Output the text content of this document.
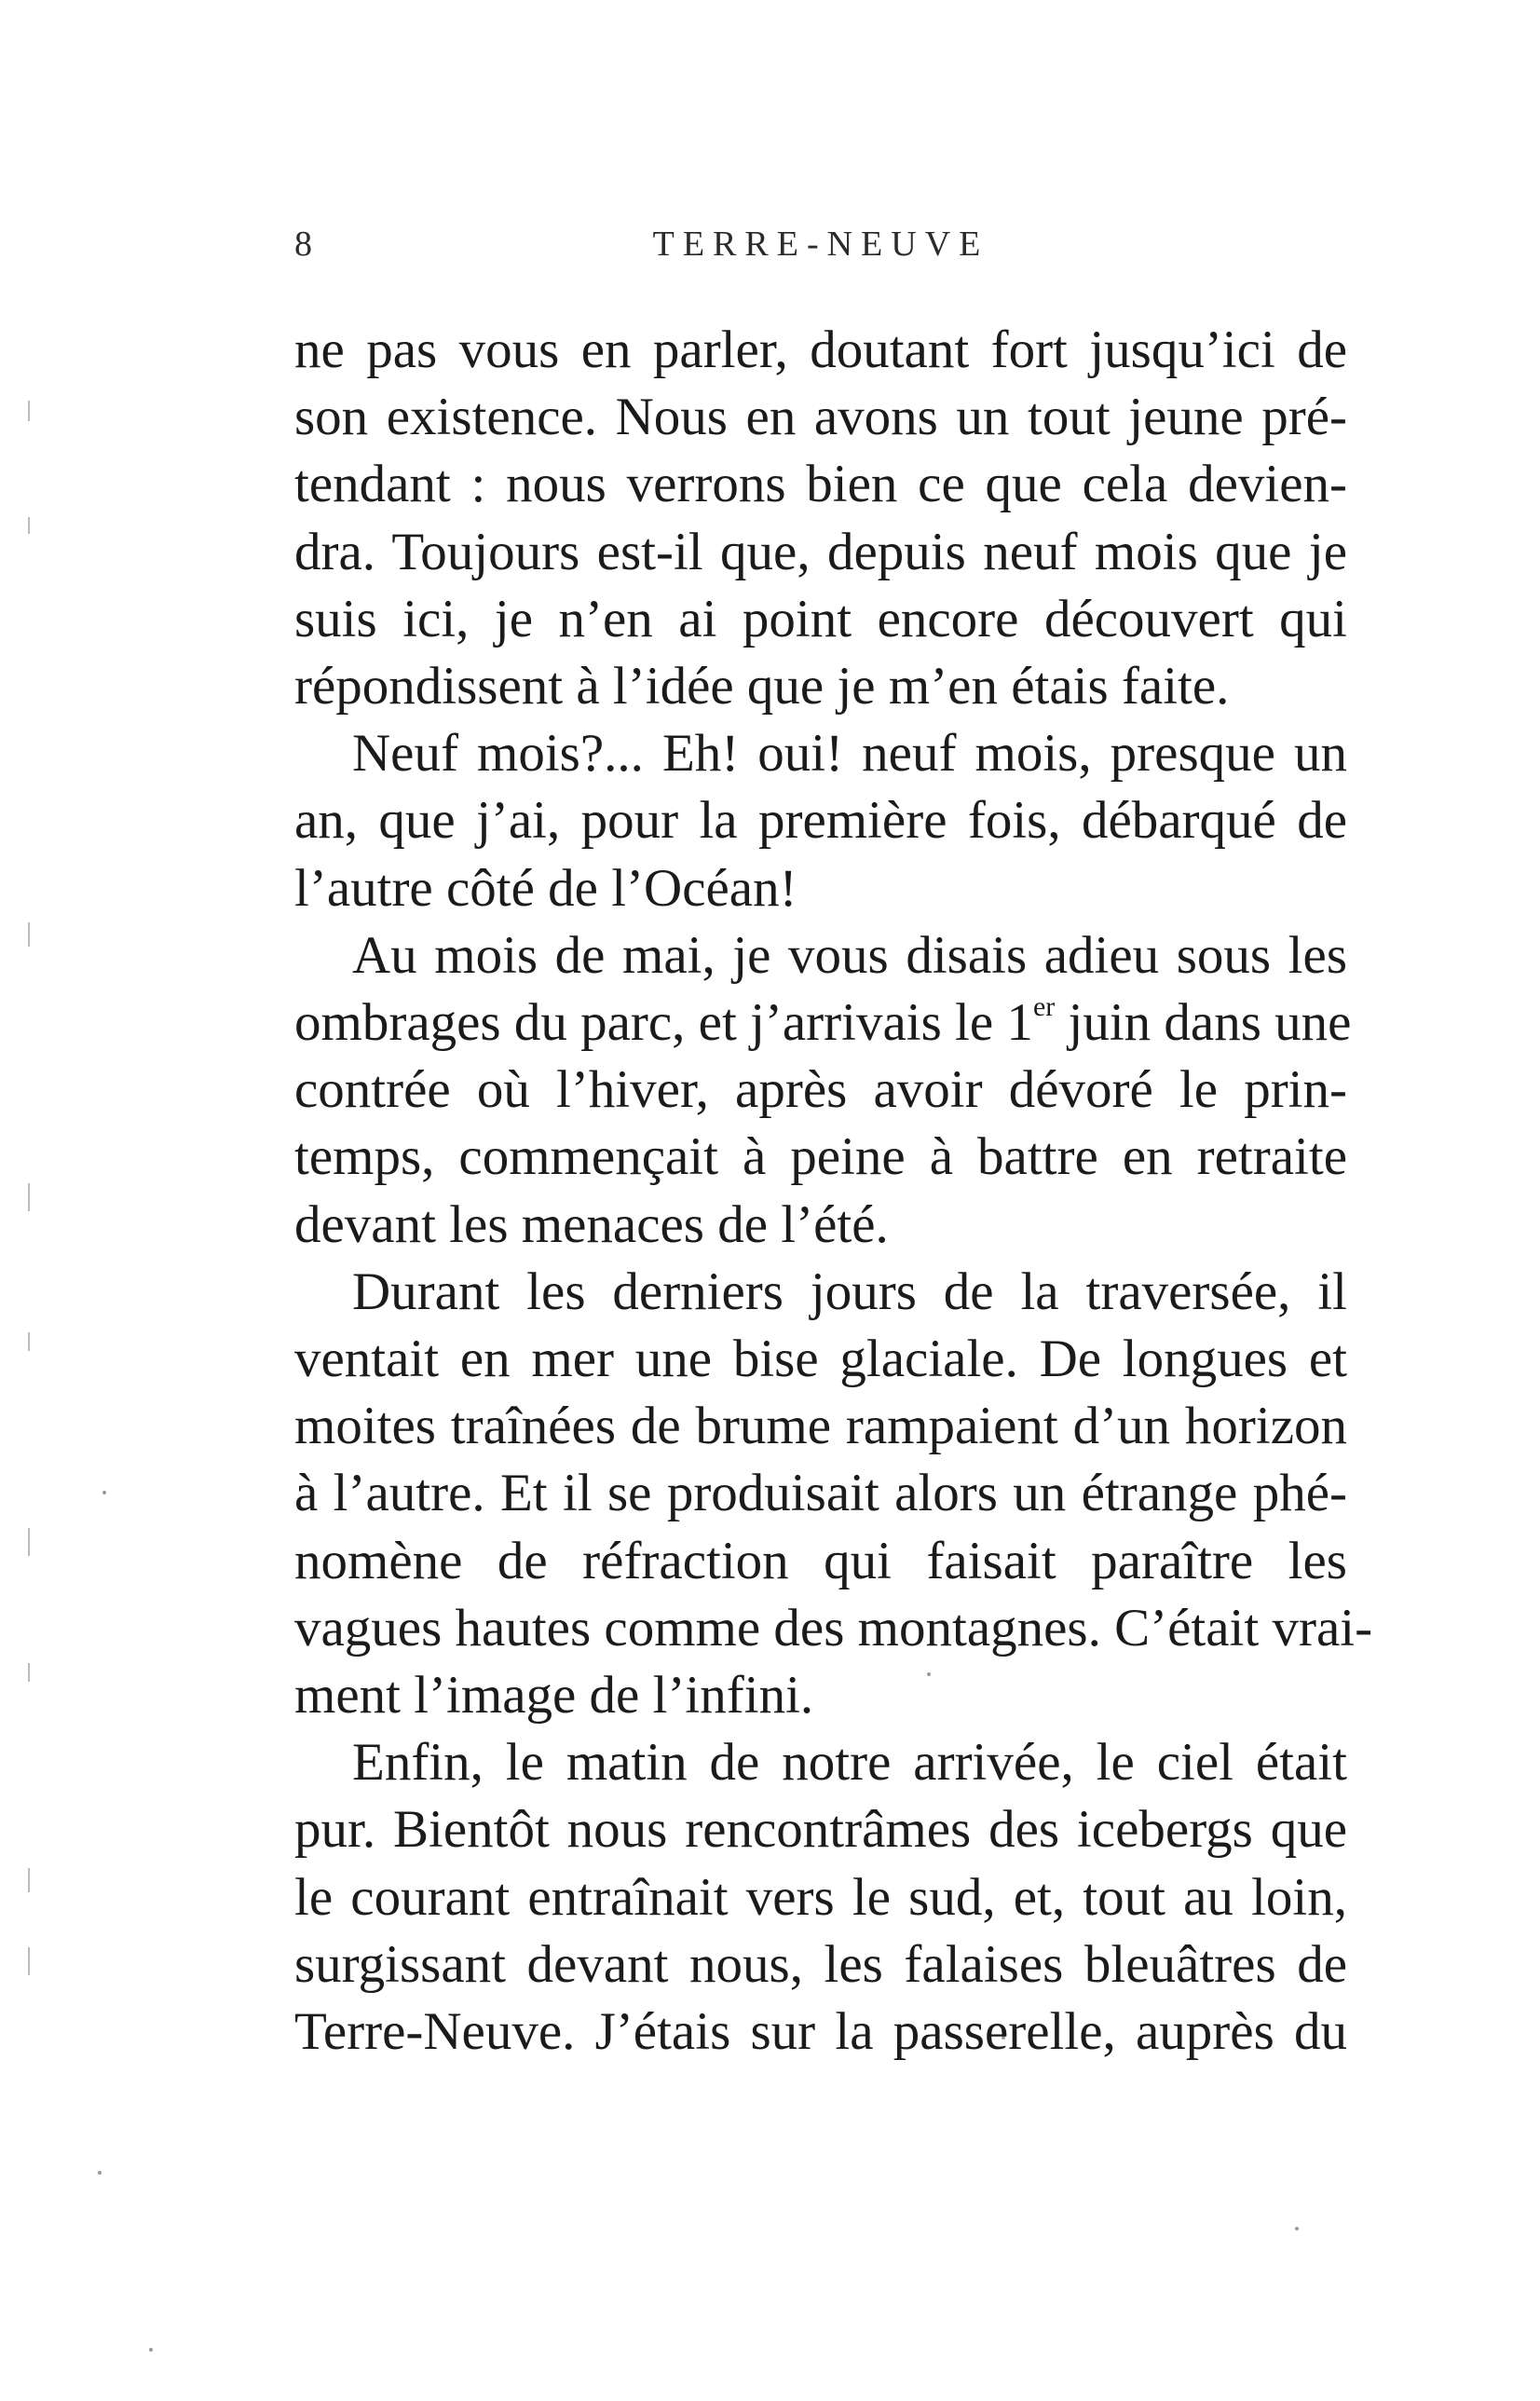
8	TERRE-NEUVE
ne pas vous en parler, doutant fort jusqu’ici de
son existence. Nous en avons un tout jeune pré-
tendant : nous verrons bien ce que cela devien-
dra. Toujours est-il que, depuis neuf mois que je
suis ici, je n’en ai point encore découvert qui
répondissent à l’idée que je m’en étais faite.
Neuf mois?... Eh! oui! neuf mois, presque un
an, que j’ai, pour la première fois, débarqué de
l’autre côté de l’Océan!
Au mois de mai, je vous disais adieu sous les
ombrages du parc, et j’arrivais le 1er juin dans une
contrée où l’hiver, après avoir dévoré le prin-
temps, commençait à peine à battre en retraite
devant les menaces de l’été.
Durant les derniers jours de la traversée, il
ventait en mer une bise glaciale. De longues et
moites traînées de brume rampaient d’un horizon
à l’autre. Et il se produisait alors un étrange phé-
nomène de réfraction qui faisait paraître les
vagues hautes comme des montagnes. C’était vrai-
ment l’image de l’infini.
Enfin, le matin de notre arrivée, le ciel était
pur. Bientôt nous rencontrâmes des icebergs que
le courant entraînait vers le sud, et, tout au loin,
surgissant devant nous, les falaises bleuâtres de
Terre-Neuve. J’étais sur la passerelle, auprès du
